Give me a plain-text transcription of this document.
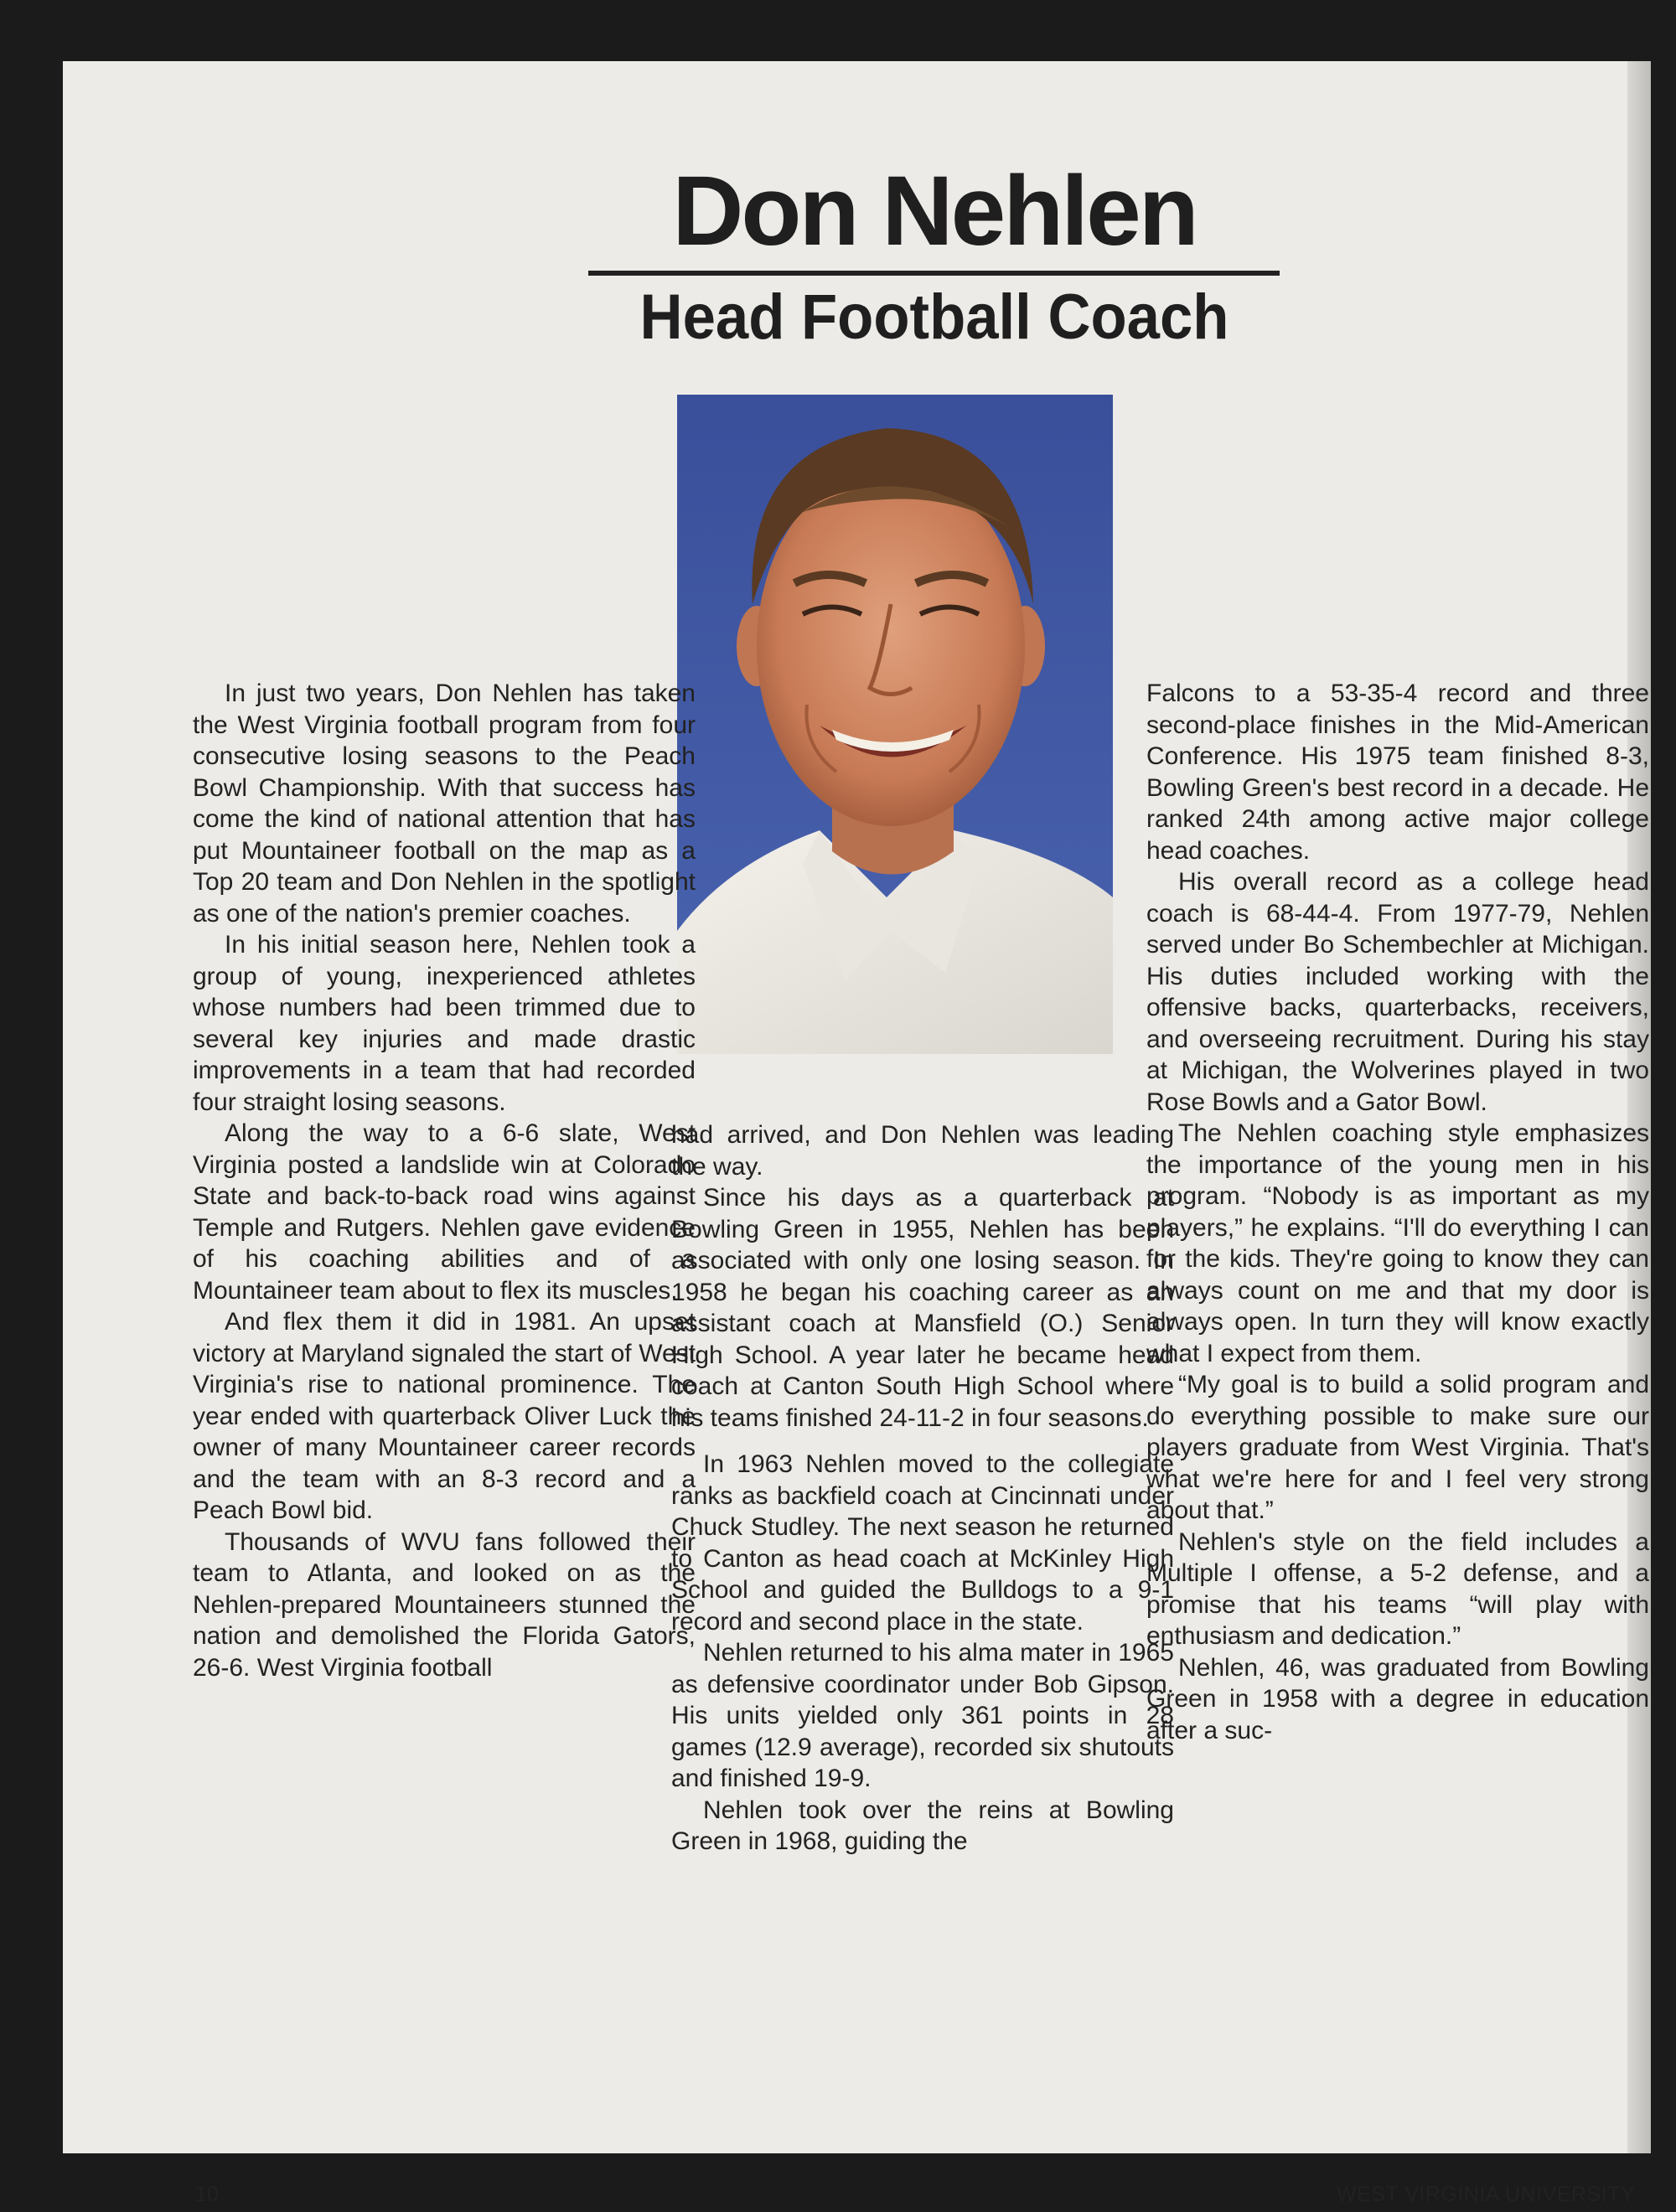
Don Nehlen
Head Football Coach

In just two years, Don Nehlen has taken the West Virginia football program from four consecutive losing seasons to the Peach Bowl Championship. With that success has come the kind of national attention that has put Mountaineer football on the map as a Top 20 team and Don Nehlen in the spotlight as one of the nation's premier coaches.

In his initial season here, Nehlen took a group of young, inexperienced athletes whose numbers had been trimmed due to several key injuries and made drastic improvements in a team that had recorded four straight losing seasons.

Along the way to a 6-6 slate, West Virginia posted a landslide win at Colorado State and back-to-back road wins against Temple and Rutgers. Nehlen gave evidence of his coaching abilities and of a Mountaineer team about to flex its muscles.

And flex them it did in 1981. An upset victory at Maryland signaled the start of West Virginia's rise to national prominence. The year ended with quarterback Oliver Luck the owner of many Mountaineer career records and the team with an 8-3 record and a Peach Bowl bid.

Thousands of WVU fans followed their team to Atlanta, and looked on as the Nehlen-prepared Mountaineers stunned the nation and demolished the Florida Gators, 26-6. West Virginia football

had arrived, and Don Nehlen was leading the way.

Since his days as a quarterback at Bowling Green in 1955, Nehlen has been associated with only one losing season. In 1958 he began his coaching career as an assistant coach at Mansfield (O.) Senior High School. A year later he became head coach at Canton South High School where his teams finished 24-11-2 in four seasons.

In 1963 Nehlen moved to the collegiate ranks as backfield coach at Cincinnati under Chuck Studley. The next season he returned to Canton as head coach at McKinley High School and guided the Bulldogs to a 9-1 record and second place in the state.

Nehlen returned to his alma mater in 1965 as defensive coordinator under Bob Gipson. His units yielded only 361 points in 28 games (12.9 average), recorded six shutouts and finished 19-9.

Nehlen took over the reins at Bowling Green in 1968, guiding the

Falcons to a 53-35-4 record and three second-place finishes in the Mid-American Conference. His 1975 team finished 8-3, Bowling Green's best record in a decade. He ranked 24th among active major college head coaches.

His overall record as a college head coach is 68-44-4. From 1977-79, Nehlen served under Bo Schembechler at Michigan. His duties included working with the offensive backs, quarterbacks, receivers, and overseeing recruitment. During his stay at Michigan, the Wolverines played in two Rose Bowls and a Gator Bowl.

The Nehlen coaching style emphasizes the importance of the young men in his program. “Nobody is as important as my players,” he explains. “I'll do everything I can for the kids. They're going to know they can always count on me and that my door is always open. In turn they will know exactly what I expect from them.

“My goal is to build a solid program and do everything possible to make sure our players graduate from West Virginia. That's what we're here for and I feel very strong about that.”

Nehlen's style on the field includes a Multiple I offense, a 5-2 defense, and a promise that his teams “will play with enthusiasm and dedication.”

Nehlen, 46, was graduated from Bowling Green in 1958 with a degree in education after a suc-

10	WEST VIRGINIA UNIVERSITY
